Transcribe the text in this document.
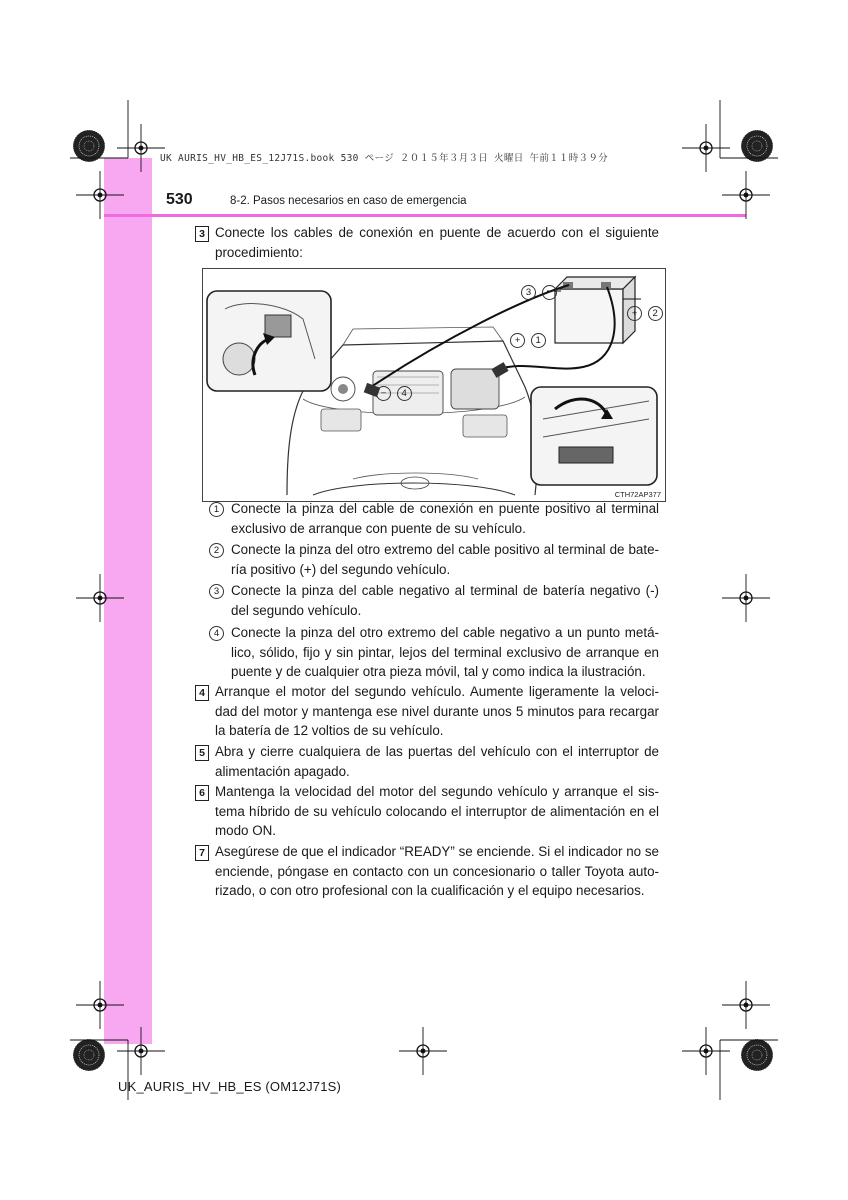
UK AURIS_HV_HB_ES_12J71S.book 530 ページ ２０１５年３月３日 火曜日 午前１１時３９分
530	8-2. Pasos necesarios en caso de emergencia
3 Conecte los cables de conexión en puente de acuerdo con el siguiente
procedimiento:
3 −
+ 2
+ 1
− 4
CTH72AP377
1 Conecte la pinza del cable de conexión en puente positivo al terminal
exclusivo de arranque con puente de su vehículo.
2 Conecte la pinza del otro extremo del cable positivo al terminal de bate-
ría positivo (+) del segundo vehículo.
3 Conecte la pinza del cable negativo al terminal de batería negativo (-)
del segundo vehículo.
4 Conecte la pinza del otro extremo del cable negativo a un punto metá-
lico, sólido, fijo y sin pintar, lejos del terminal exclusivo de arranque en
puente y de cualquier otra pieza móvil, tal y como indica la ilustración.
4 Arranque el motor del segundo vehículo. Aumente ligeramente la veloci-
dad del motor y mantenga ese nivel durante unos 5 minutos para recargar
la batería de 12 voltios de su vehículo.
5 Abra y cierre cualquiera de las puertas del vehículo con el interruptor de
alimentación apagado.
6 Mantenga la velocidad del motor del segundo vehículo y arranque el sis-
tema híbrido de su vehículo colocando el interruptor de alimentación en el
modo ON.
7 Asegúrese de que el indicador “READY” se enciende. Si el indicador no se
enciende, póngase en contacto con un concesionario o taller Toyota auto-
rizado, o con otro profesional con la cualificación y el equipo necesarios.
UK_AURIS_HV_HB_ES (OM12J71S)
